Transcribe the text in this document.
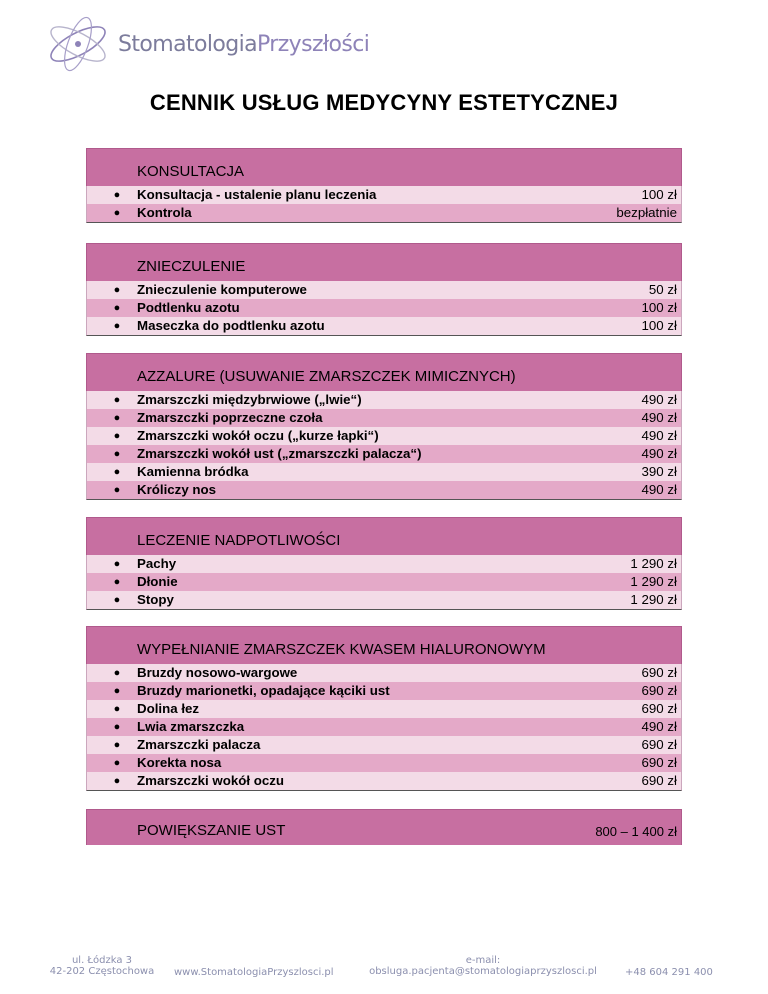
StomatologiaPrzyszłości
CENNIK USŁUG MEDYCYNY ESTETYCZNEJ
KONSULTACJA
●	Konsultacja - ustalenie planu leczenia	100 zł
●	Kontrola	bezpłatnie
ZNIECZULENIE
●	Znieczulenie komputerowe	50 zł
●	Podtlenku azotu	100 zł
●	Maseczka do podtlenku azotu	100 zł
AZZALURE (USUWANIE ZMARSZCZEK MIMICZNYCH)
●	Zmarszczki międzybrwiowe („lwie“)	490 zł
●	Zmarszczki poprzeczne czoła	490 zł
●	Zmarszczki wokół oczu („kurze łapki“)	490 zł
●	Zmarszczki wokół ust („zmarszczki palacza“)	490 zł
●	Kamienna bródka	390 zł
●	Króliczy nos	490 zł
LECZENIE NADPOTLIWOŚCI
●	Pachy	1 290 zł
●	Dłonie	1 290 zł
●	Stopy	1 290 zł
WYPEŁNIANIE ZMARSZCZEK KWASEM HIALURONOWYM
●	Bruzdy nosowo-wargowe	690 zł
●	Bruzdy marionetki, opadające kąciki ust	690 zł
●	Dolina łez	690 zł
●	Lwia zmarszczka	490 zł
●	Zmarszczki palacza	690 zł
●	Korekta nosa	690 zł
●	Zmarszczki wokół oczu	690 zł
POWIĘKSZANIE UST	800 – 1 400 zł
ul. Łódzka 3
42-202 Częstochowa	www.StomatologiaPrzyszlosci.pl
e-mail:
obsluga.pacjenta@stomatologiaprzyszlosci.pl	+48 604 291 400
